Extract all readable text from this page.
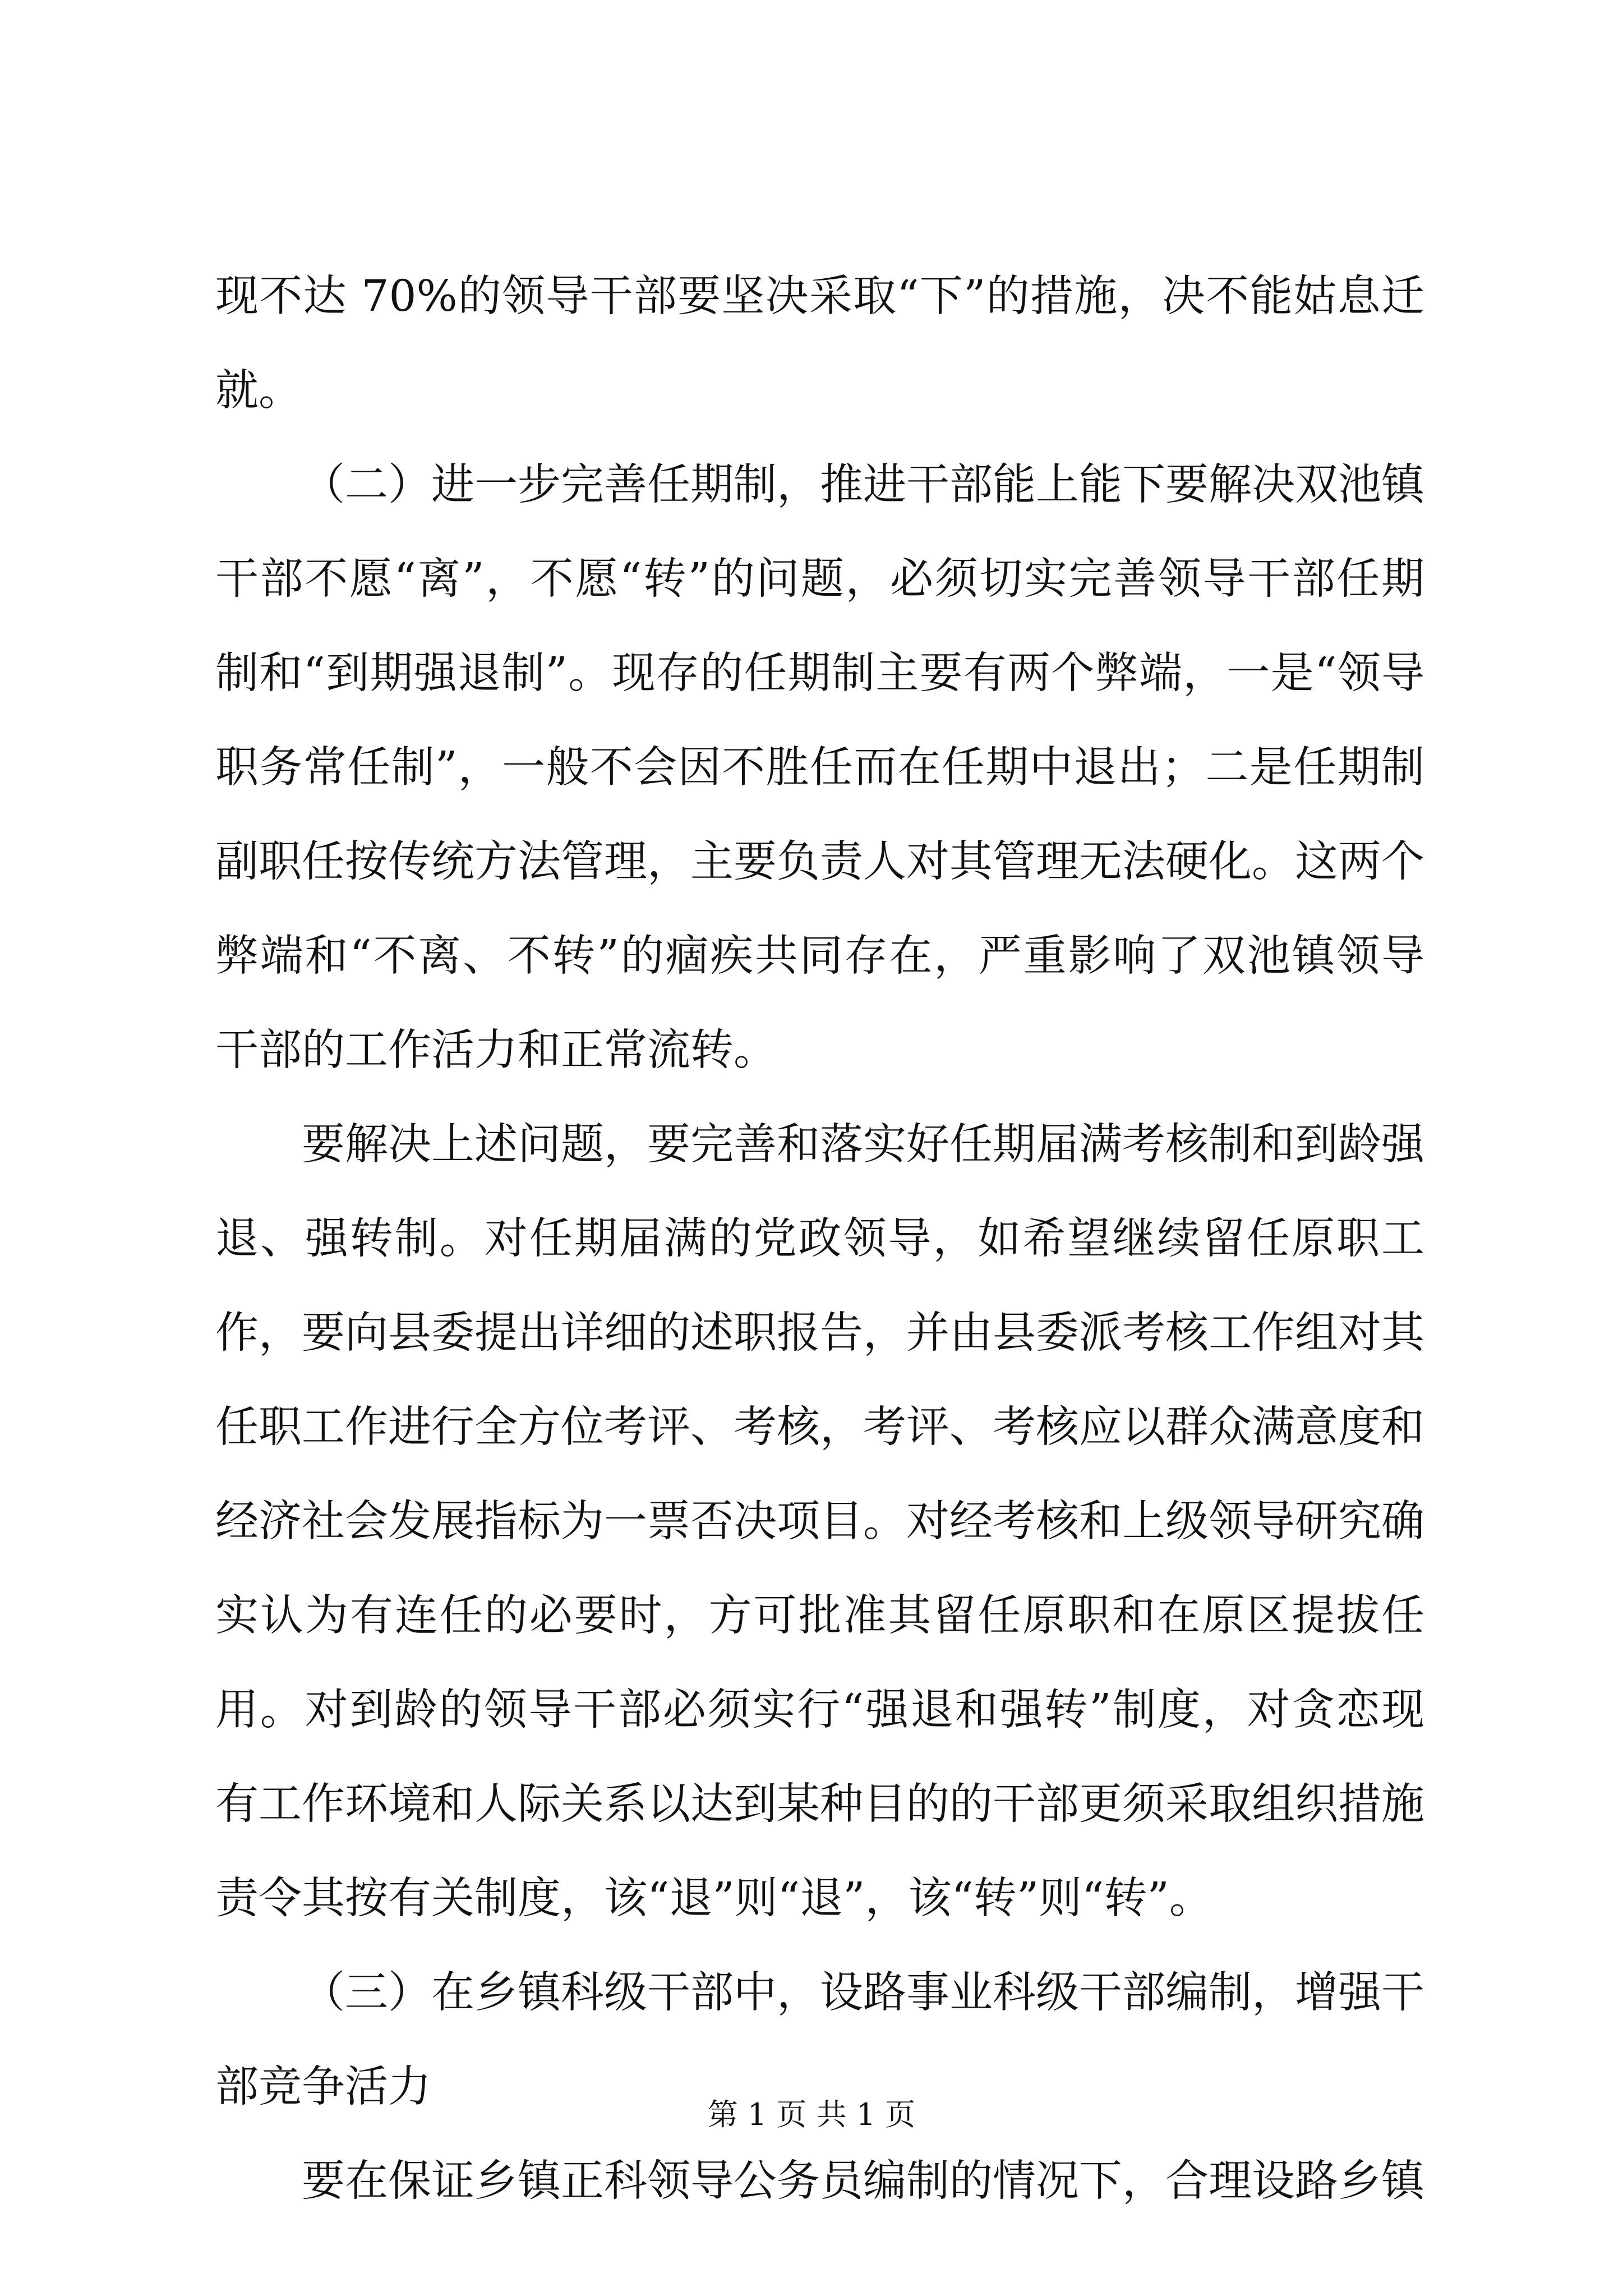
现不达 70%的领导干部要坚决采取“下”的措施，决不能姑息迁就。

（二）进一步完善任期制，推进干部能上能下要解决双池镇干部不愿“离”，不愿“转”的问题，必须切实完善领导干部任期制和“到期强退制”。现存的任期制主要有两个弊端，一是“领导职务常任制”，一般不会因不胜任而在任期中退出；二是任期制副职任按传统方法管理，主要负责人对其管理无法硬化。这两个弊端和“不离、不转”的痼疾共同存在，严重影响了双池镇领导干部的工作活力和正常流转。

要解决上述问题，要完善和落实好任期届满考核制和到龄强退、强转制。对任期届满的党政领导，如希望继续留任原职工作，要向县委提出详细的述职报告，并由县委派考核工作组对其任职工作进行全方位考评、考核，考评、考核应以群众满意度和经济社会发展指标为一票否决项目。对经考核和上级领导研究确实认为有连任的必要时，方可批准其留任原职和在原区提拔任用。对到龄的领导干部必须实行“强退和强转”制度，对贪恋现有工作环境和人际关系以达到某种目的的干部更须采取组织措施责令其按有关制度，该“退”则“退”，该“转”则“转”。

（三）在乡镇科级干部中，设路事业科级干部编制，增强干部竞争活力

要在保证乡镇正科领导公务员编制的情况下，合理设路乡镇

第 1 页 共 1 页
